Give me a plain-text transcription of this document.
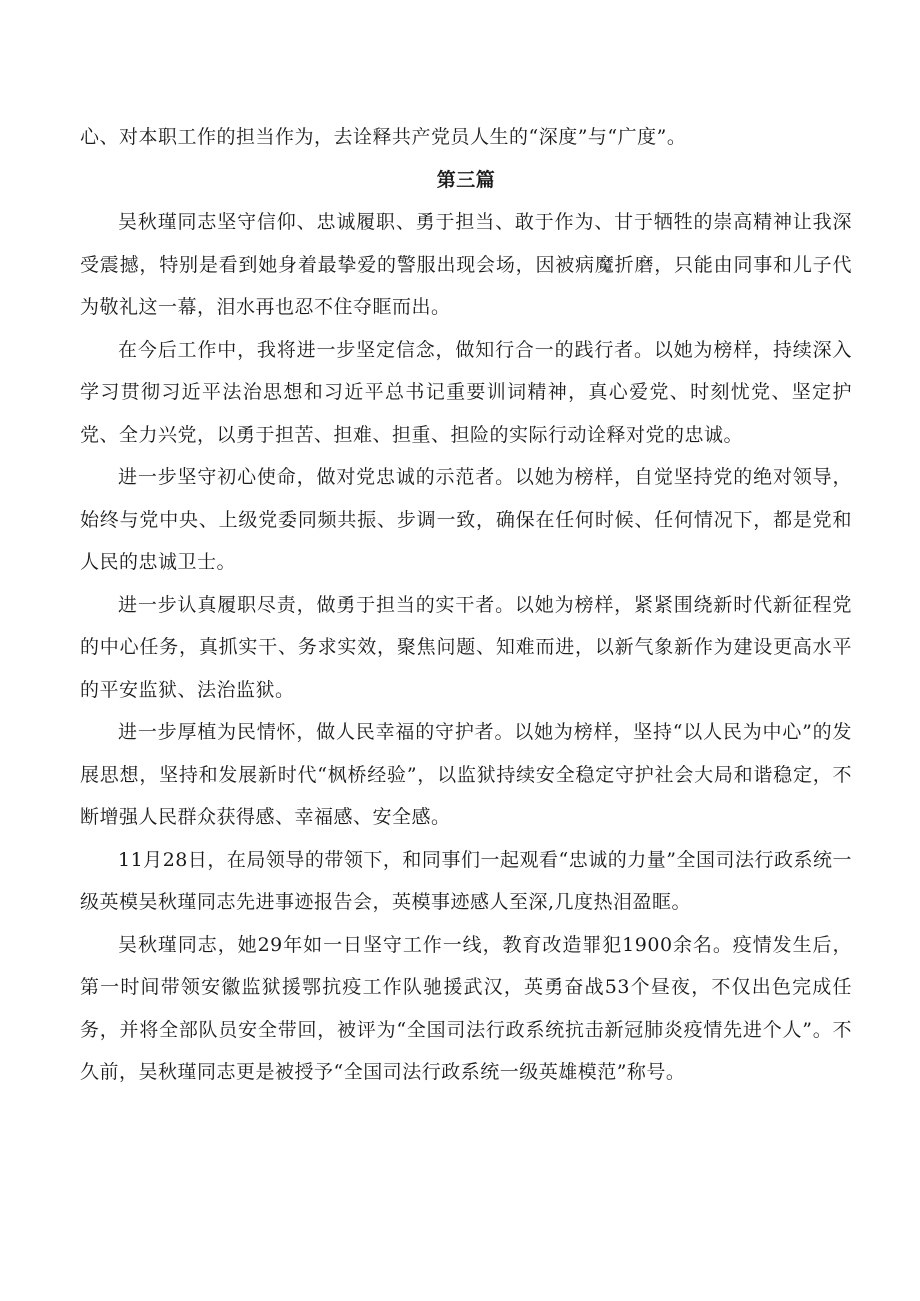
心、对本职工作的担当作为，去诠释共产党员人生的“深度”与“广度”。

第三篇

吴秋瑾同志坚守信仰、忠诚履职、勇于担当、敢于作为、甘于牺牲的崇高精神让我深受震撼，特别是看到她身着最挚爱的警服出现会场，因被病魔折磨，只能由同事和儿子代为敬礼这一幕，泪水再也忍不住夺眶而出。

在今后工作中，我将进一步坚定信念，做知行合一的践行者。以她为榜样，持续深入学习贯彻习近平法治思想和习近平总书记重要训词精神，真心爱党、时刻忧党、坚定护党、全力兴党，以勇于担苦、担难、担重、担险的实际行动诠释对党的忠诚。

进一步坚守初心使命，做对党忠诚的示范者。以她为榜样，自觉坚持党的绝对领导，始终与党中央、上级党委同频共振、步调一致，确保在任何时候、任何情况下，都是党和人民的忠诚卫士。

进一步认真履职尽责，做勇于担当的实干者。以她为榜样，紧紧围绕新时代新征程党的中心任务，真抓实干、务求实效，聚焦问题、知难而进，以新气象新作为建设更高水平的平安监狱、法治监狱。

进一步厚植为民情怀，做人民幸福的守护者。以她为榜样，坚持“以人民为中心”的发展思想，坚持和发展新时代“枫桥经验”，以监狱持续安全稳定守护社会大局和谐稳定，不断增强人民群众获得感、幸福感、安全感。

11月28日，在局领导的带领下，和同事们一起观看“忠诚的力量”全国司法行政系统一级英模吴秋瑾同志先进事迹报告会，英模事迹感人至深,几度热泪盈眶。

吴秋瑾同志，她29年如一日坚守工作一线，教育改造罪犯1900余名。疫情发生后，第一时间带领安徽监狱援鄂抗疫工作队驰援武汉，英勇奋战53个昼夜，不仅出色完成任务，并将全部队员安全带回，被评为“全国司法行政系统抗击新冠肺炎疫情先进个人”。不久前，吴秋瑾同志更是被授予“全国司法行政系统一级英雄模范”称号。
